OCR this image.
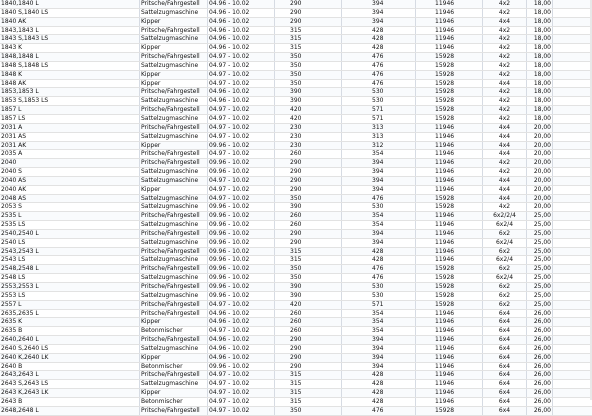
1840,1840 L	Pritsche/Fahrgestell	04.96 - 10.02	290	394	11946	4x2	18,00
1840 S,1840 LS	Sattelzugmaschine	04.96 - 10.02	290	394	11946	4x2	18,00
1840 AK	Kipper	04.96 - 10.02	290	394	11946	4x4	18,00
1843,1843 L	Pritsche/Fahrgestell	04.96 - 10.02	315	428	11946	4x2	18,00
1843 S,1843 LS	Sattelzugmaschine	04.96 - 10.02	315	428	11946	4x2	18,00
1843 K	Kipper	04.96 - 10.02	315	428	11946	4x2	18,00
1848,1848 L	Pritsche/Fahrgestell	04.97 - 10.02	350	476	15928	4x2	18,00
1848 S,1848 LS	Sattelzugmaschine	04.97 - 10.02	350	476	15928	4x2	18,00
1848 K	Kipper	04.97 - 10.02	350	476	15928	4x2	18,00
1848 AK	Kipper	04.97 - 10.02	350	476	15928	4x4	18,00
1853,1853 L	Pritsche/Fahrgestell	04.96 - 10.02	390	530	15928	4x2	18,00
1853 S,1853 LS	Sattelzugmaschine	04.96 - 10.02	390	530	15928	4x2	18,00
1857 L	Pritsche/Fahrgestell	04.97 - 10.02	420	571	15928	4x2	18,00
1857 LS	Sattelzugmaschine	04.97 - 10.02	420	571	15928	4x2	18,00
2031 A	Pritsche/Fahrgestell	04.97 - 10.02	230	313	11946	4x4	20,00
2031 AS	Sattelzugmaschine	04.97 - 10.02	230	313	11946	4x4	20,00
2031 AK	Kipper	09.96 - 10.02	230	312	11946	4x4	20,00
2035 A	Pritsche/Fahrgestell	04.97 - 10.02	260	354	11946	4x4	20,00
2040	Pritsche/Fahrgestell	09.96 - 10.02	290	394	11946	4x2	20,00
2040 S	Sattelzugmaschine	09.96 - 10.02	290	394	11946	4x2	20,00
2040 AS	Sattelzugmaschine	04.97 - 10.02	290	394	11946	4x4	20,00
2040 AK	Kipper	04.97 - 10.02	290	394	11946	4x4	20,00
2048 AS	Sattelzugmaschine	04.97 - 10.02	350	476	15928	4x4	20,00
2053 S	Sattelzugmaschine	09.96 - 10.02	390	530	15928	4x2	20,00
2535 L	Pritsche/Fahrgestell	09.96 - 10.02	260	354	11946	6x2/2/4	25,00
2535 LS	Sattelzugmaschine	09.96 - 10.02	260	354	11946	6x2/4	25,00
2540,2540 L	Pritsche/Fahrgestell	09.96 - 10.02	290	394	11946	6x2	25,00
2540 LS	Sattelzugmaschine	09.96 - 10.02	290	394	11946	6x2/4	25,00
2543,2543 L	Pritsche/Fahrgestell	09.96 - 10.02	315	428	11946	6x2	25,00
2543 LS	Sattelzugmaschine	09.96 - 10.02	315	428	11946	6x2/4	25,00
2548,2548 L	Pritsche/Fahrgestell	09.96 - 10.02	350	476	15928	6x2	25,00
2548 LS	Sattelzugmaschine	09.96 - 10.02	350	476	15928	6x2/4	25,00
2553,2553 L	Pritsche/Fahrgestell	09.96 - 10.02	390	530	15928	6x2	25,00
2553 LS	Sattelzugmaschine	09.96 - 10.02	390	530	15928	6x2	25,00
2557 L	Pritsche/Fahrgestell	04.97 - 10.02	420	571	15928	6x2	25,00
2635,2635 L	Pritsche/Fahrgestell	04.96 - 10.02	260	354	11946	6x4	26,00
2635 K	Kipper	04.96 - 10.02	260	354	11946	6x4	26,00
2635 B	Betonmischer	04.97 - 10.02	260	354	11946	6x4	26,00
2640,2640 L	Pritsche/Fahrgestell	04.96 - 10.02	290	394	11946	6x4	26,00
2640 S,2640 LS	Sattelzugmaschine	04.96 - 10.02	290	394	11946	6x4	26,00
2640 K,2640 LK	Kipper	04.96 - 10.02	290	394	11946	6x4	26,00
2640 B	Betonmischer	09.96 - 10.02	290	394	11946	6x4	26,00
2643,2643 L	Pritsche/Fahrgestell	04.97 - 10.02	315	428	11946	6x4	26,00
2643 S,2643 LS	Sattelzugmaschine	04.97 - 10.02	315	428	11946	6x4	26,00
2643 K,2643 LK	Kipper	04.97 - 10.02	315	428	11946	6x4	26,00
2643 B	Betonmischer	04.97 - 10.02	315	428	11946	6x4	26,00
2648,2648 L	Pritsche/Fahrgestell	04.97 - 10.02	350	476	15928	6x4	26,00
